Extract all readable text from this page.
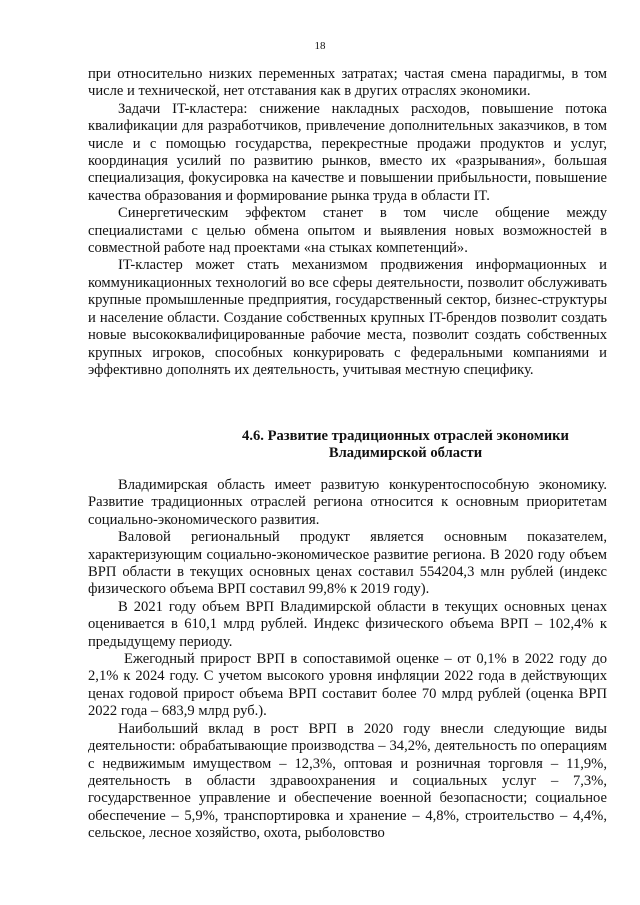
18

при относительно низких переменных затратах; частая смена парадигмы, в том числе и технической, нет отставания как в других отраслях экономики.

Задачи IT-кластера: снижение накладных расходов, повышение потока квалификации для разработчиков, привлечение дополнительных заказчиков, в том числе и с помощью государства, перекрестные продажи продуктов и услуг, координация усилий по развитию рынков, вместо их «разрывания», большая специализация, фокусировка на качестве и повышении прибыльности, повышение качества образования и формирование рынка труда в области IT.

Синергетическим эффектом станет в том числе общение между специалистами с целью обмена опытом и выявления новых возможностей в совместной работе над проектами «на стыках компетенций».

IT-кластер может стать механизмом продвижения информационных и коммуникационных технологий во все сферы деятельности, позволит обслуживать крупные промышленные предприятия, государственный сектор, бизнес-структуры и население области. Создание собственных крупных IT-брендов позволит создать новые высококвалифицированные рабочие места, позволит создать собственных крупных игроков, способных конкурировать с федеральными компаниями и эффективно дополнять их деятельность, учитывая местную специфику.

4.6. Развитие традиционных отраслей экономики
Владимирской области

Владимирская область имеет развитую конкурентоспособную экономику. Развитие традиционных отраслей региона относится к основным приоритетам социально-экономического развития.

Валовой региональный продукт является основным показателем, характеризующим социально-экономическое развитие региона. В 2020 году объем ВРП области в текущих основных ценах составил 554204,3 млн рублей (индекс физического объема ВРП составил 99,8% к 2019 году).

В 2021 году объем ВРП Владимирской области в текущих основных ценах оценивается в 610,1 млрд рублей. Индекс физического объема ВРП – 102,4% к предыдущему периоду.

Ежегодный прирост ВРП в сопоставимой оценке – от 0,1% в 2022 году до 2,1% к 2024 году. С учетом высокого уровня инфляции 2022 года в действующих ценах годовой прирост объема ВРП составит более 70 млрд рублей (оценка ВРП 2022 года – 683,9 млрд руб.).

Наибольший вклад в рост ВРП в 2020 году внесли следующие виды деятельности: обрабатывающие производства – 34,2%, деятельность по операциям с недвижимым имуществом – 12,3%, оптовая и розничная торговля – 11,9%, деятельность в области здравоохранения и социальных услуг – 7,3%, государственное управление и обеспечение военной безопасности; социальное обеспечение – 5,9%, транспортировка и хранение – 4,8%, строительство – 4,4%, сельское, лесное хозяйство, охота, рыболовство
